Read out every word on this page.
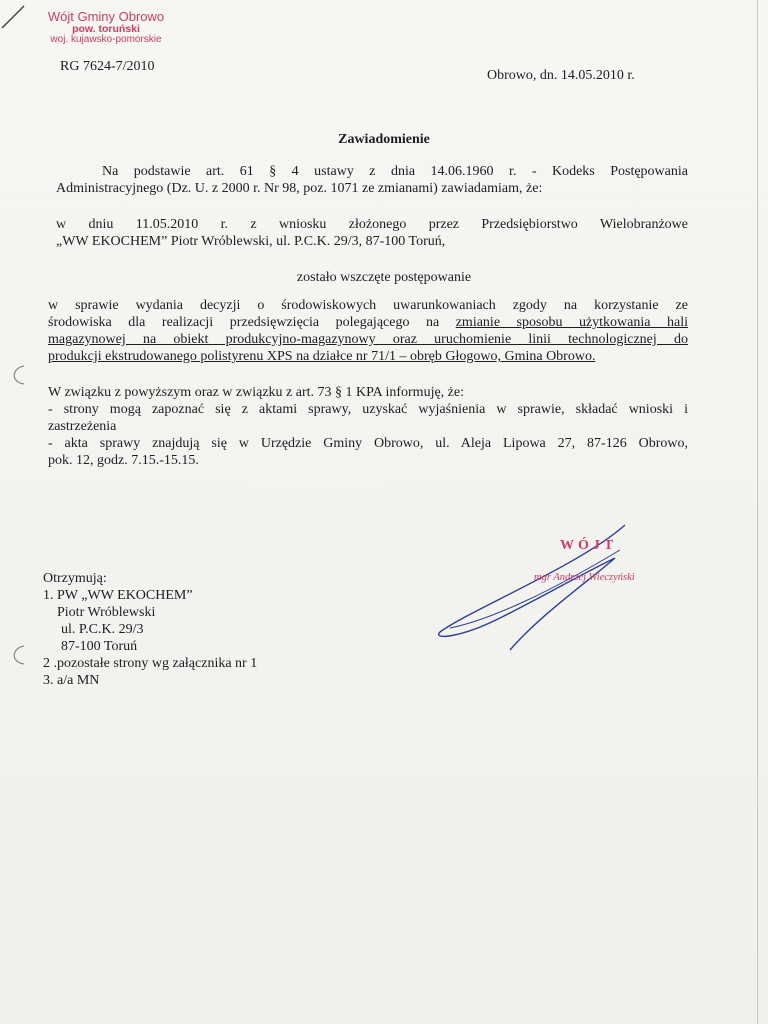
Wójt Gminy Obrowo
pow. toruński
woj. kujawsko-pomorskie
RG 7624-7/2010
Obrowo, dn. 14.05.2010 r.
Zawiadomienie
Na podstawie art. 61 § 4 ustawy z dnia 14.06.1960 r. - Kodeks Postępowania
Administracyjnego (Dz. U. z 2000 r. Nr 98, poz. 1071 ze zmianami) zawiadamiam, że:
w dniu 11.05.2010 r. z wniosku złożonego przez Przedsiębiorstwo Wielobranżowe
„WW EKOCHEM” Piotr Wróblewski, ul. P.C.K. 29/3, 87-100 Toruń,
zostało wszczęte postępowanie
w sprawie wydania decyzji o środowiskowych uwarunkowaniach zgody na korzystanie ze
środowiska dla realizacji przedsięwzięcia polegającego na zmianie sposobu użytkowania hali
magazynowej na obiekt produkcyjno-magazynowy oraz uruchomienie linii technologicznej do
produkcji ekstrudowanego polistyrenu XPS na działce nr 71/1 – obręb Głogowo, Gmina Obrowo.
W związku z powyższym oraz w związku z art. 73 § 1 KPA informuję, że:
- strony mogą zapoznać się z aktami sprawy, uzyskać wyjaśnienia w sprawie, składać wnioski i
zastrzeżenia
- akta sprawy znajdują się w Urzędzie Gminy Obrowo, ul. Aleja Lipowa 27, 87-126 Obrowo,
pok. 12, godz. 7.15.-15.15.
WÓJT
mgr Andrzej Wieczyński
Otrzymują:
1. PW „WW EKOCHEM”
Piotr Wróblewski
ul. P.C.K. 29/3
87-100 Toruń
2 .pozostałe strony wg załącznika nr 1
3. a/a MN
